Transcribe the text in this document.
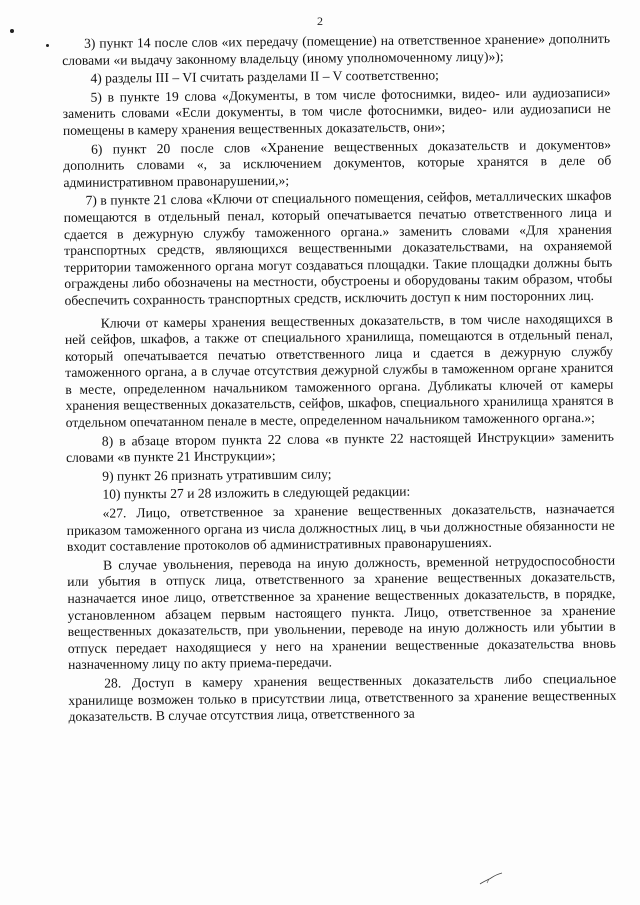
2

3) пункт 14 после слов «их передачу (помещение) на ответственное хранение» дополнить словами «и выдачу законному владельцу (иному уполномоченному лицу)»);

4) разделы III – VI считать разделами II – V соответственно;

5) в пункте 19 слова «Документы, в том числе фотоснимки, видео- или аудиозаписи» заменить словами «Если документы, в том числе фотоснимки, видео- или аудиозаписи не помещены в камеру хранения вещественных доказательств, они»;

6) пункт 20 после слов «Хранение вещественных доказательств и документов» дополнить словами «, за исключением документов, которые хранятся в деле об административном правонарушении,»;

7) в пункте 21 слова «Ключи от специального помещения, сейфов, металлических шкафов помещаются в отдельный пенал, который опечатывается печатью ответственного лица и сдается в дежурную службу таможенного органа.» заменить словами «Для хранения транспортных средств, являющихся вещественными доказательствами, на охраняемой территории таможенного органа могут создаваться площадки. Такие площадки должны быть ограждены либо обозначены на местности, обустроены и оборудованы таким образом, чтобы обеспечить сохранность транспортных средств, исключить доступ к ним посторонних лиц.

Ключи от камеры хранения вещественных доказательств, в том числе находящихся в ней сейфов, шкафов, а также от специального хранилища, помещаются в отдельный пенал, который опечатывается печатью ответственного лица и сдается в дежурную службу таможенного органа, а в случае отсутствия дежурной службы в таможенном органе хранится в месте, определенном начальником таможенного органа. Дубликаты ключей от камеры хранения вещественных доказательств, сейфов, шкафов, специального хранилища хранятся в отдельном опечатанном пенале в месте, определенном начальником таможенного органа.»;

8) в абзаце втором пункта 22 слова «в пункте 22 настоящей Инструкции» заменить словами «в пункте 21 Инструкции»;

9) пункт 26 признать утратившим силу;

10) пункты 27 и 28 изложить в следующей редакции:

«27. Лицо, ответственное за хранение вещественных доказательств, назначается приказом таможенного органа из числа должностных лиц, в чьи должностные обязанности не входит составление протоколов об административных правонарушениях.

В случае увольнения, перевода на иную должность, временной нетрудоспособности или убытия в отпуск лица, ответственного за хранение вещественных доказательств, назначается иное лицо, ответственное за хранение вещественных доказательств, в порядке, установленном абзацем первым настоящего пункта. Лицо, ответственное за хранение вещественных доказательств, при увольнении, переводе на иную должность или убытии в отпуск передает находящиеся у него на хранении вещественные доказательства вновь назначенному лицу по акту приема-передачи.

28. Доступ в камеру хранения вещественных доказательств либо специальное хранилище возможен только в присутствии лица, ответственного за хранение вещественных доказательств. В случае отсутствия лица, ответственного за
